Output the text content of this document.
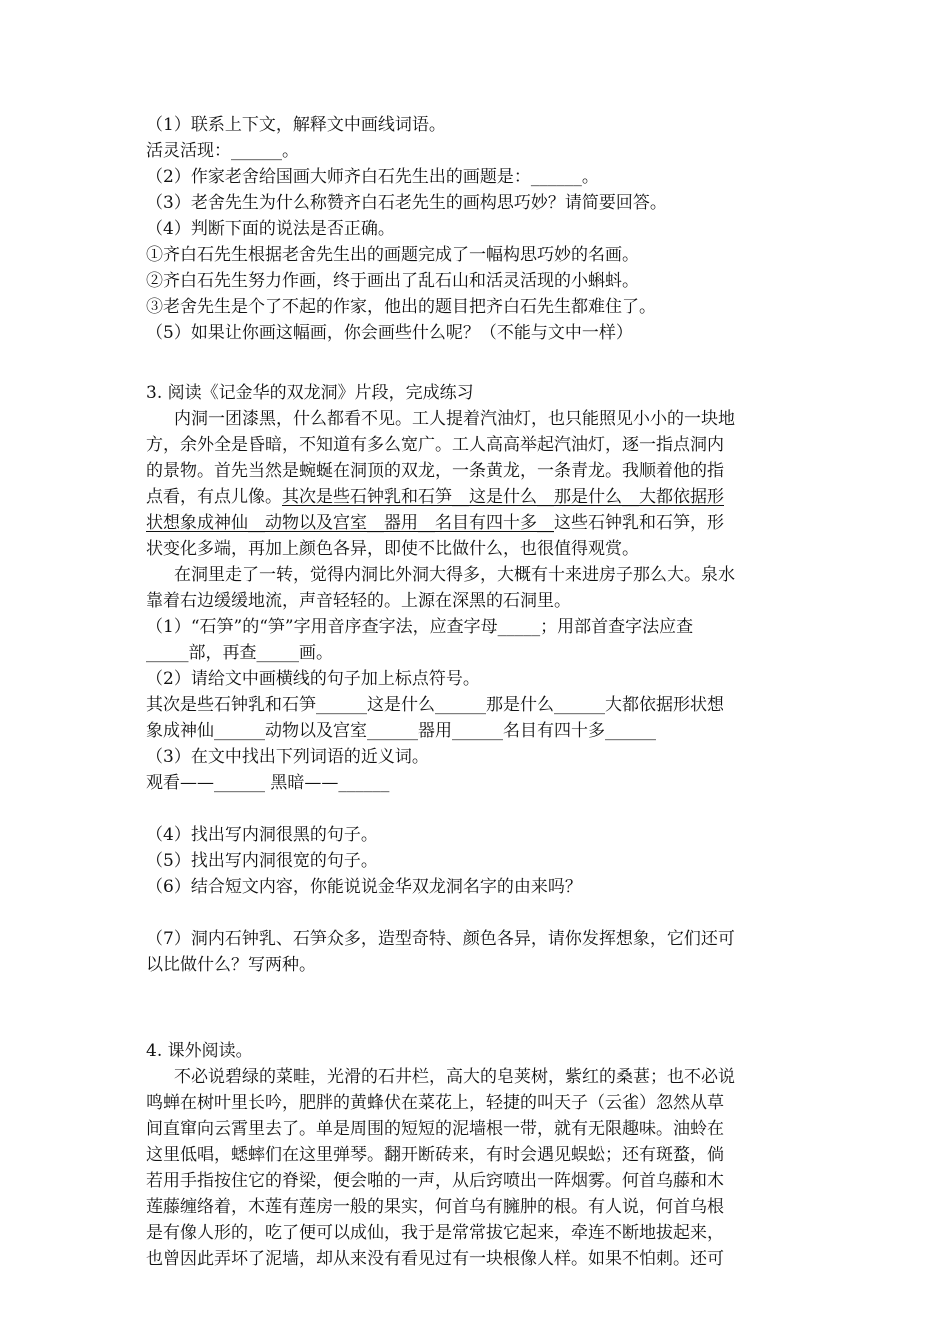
（1）联系上下文，解释文中画线词语。
活灵活现：______。
（2）作家老舍给国画大师齐白石先生出的画题是：______。
（3）老舍先生为什么称赞齐白石老先生的画构思巧妙？请简要回答。
（4）判断下面的说法是否正确。
①齐白石先生根据老舍先生出的画题完成了一幅构思巧妙的名画。
②齐白石先生努力作画，终于画出了乱石山和活灵活现的小蝌蚪。
③老舍先生是个了不起的作家，他出的题目把齐白石先生都难住了。
（5）如果让你画这幅画，你会画些什么呢？（不能与文中一样）
3. 阅读《记金华的双龙洞》片段，完成练习
内洞一团漆黑，什么都看不见。工人提着汽油灯，也只能照见小小的一块地
方，余外全是昏暗，不知道有多么宽广。工人高高举起汽油灯，逐一指点洞内
的景物。首先当然是蜿蜒在洞顶的双龙，一条黄龙，一条青龙。我顺着他的指
点看，有点儿像。其次是些石钟乳和石笋__这是什么__那是什么__大都依据形
状想象成神仙__动物以及宫室__器用__名目有四十多__这些石钟乳和石笋，形
状变化多端，再加上颜色各异，即使不比做什么，也很值得观赏。
在洞里走了一转，觉得内洞比外洞大得多，大概有十来进房子那么大。泉水
靠着右边缓缓地流，声音轻轻的。上源在深黑的石洞里。
（1）“石笋”的“笋”字用音序查字法，应查字母_____；用部首查字法应查
_____部，再查_____画。
（2）请给文中画横线的句子加上标点符号。
其次是些石钟乳和石笋______这是什么______那是什么______大都依据形状想
象成神仙______动物以及宫室______器用______名目有四十多______
（3）在文中找出下列词语的近义词。
观看——______ 黑暗——______
（4）找出写内洞很黑的句子。
（5）找出写内洞很宽的句子。
（6）结合短文内容，你能说说金华双龙洞名字的由来吗？
（7）洞内石钟乳、石笋众多，造型奇特、颜色各异，请你发挥想象，它们还可
以比做什么？写两种。
4. 课外阅读。
不必说碧绿的菜畦，光滑的石井栏，高大的皂荚树，紫红的桑葚；也不必说
鸣蝉在树叶里长吟，肥胖的黄蜂伏在菜花上，轻捷的叫天子（云雀）忽然从草
间直窜向云霄里去了。单是周围的短短的泥墙根一带，就有无限趣味。油蛉在
这里低唱，蟋蟀们在这里弹琴。翻开断砖来，有时会遇见蜈蚣；还有斑蝥，倘
若用手指按住它的脊梁，便会啪的一声，从后窍喷出一阵烟雾。何首乌藤和木
莲藤缠络着，木莲有莲房一般的果实，何首乌有臃肿的根。有人说，何首乌根
是有像人形的，吃了便可以成仙，我于是常常拔它起来，牵连不断地拔起来，
也曾因此弄坏了泥墙，却从来没有看见过有一块根像人样。如果不怕刺。还可
